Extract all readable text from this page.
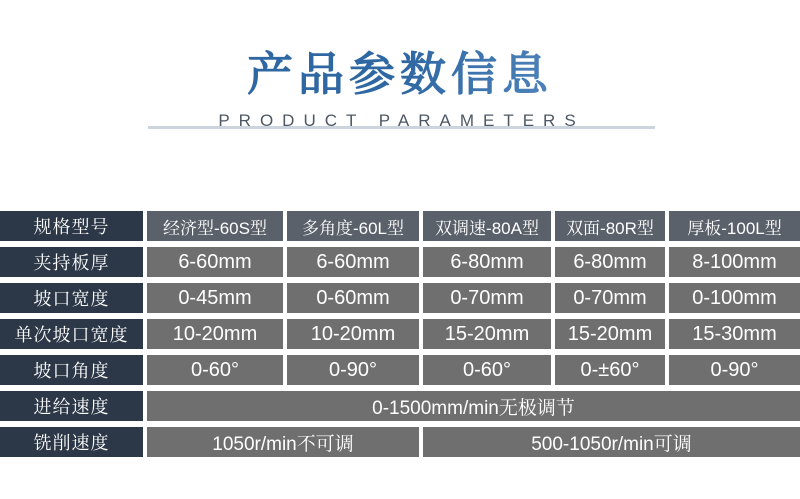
产品参数信息
PRODUCT PARAMETERS
规格型号	经济型-60S型	多角度-60L型	双调速-80A型	双面-80R型	厚板-100L型
夹持板厚	6-60mm	6-60mm	6-80mm	6-80mm	8-100mm
坡口宽度	0-45mm	0-60mm	0-70mm	0-70mm	0-100mm
单次坡口宽度	10-20mm	10-20mm	15-20mm	15-20mm	15-30mm
坡口角度	0-60°	0-90°	0-60°	0-±60°	0-90°
进给速度	0-1500mm/min无极调节
铣削速度	1050r/min不可调	500-1050r/min可调
